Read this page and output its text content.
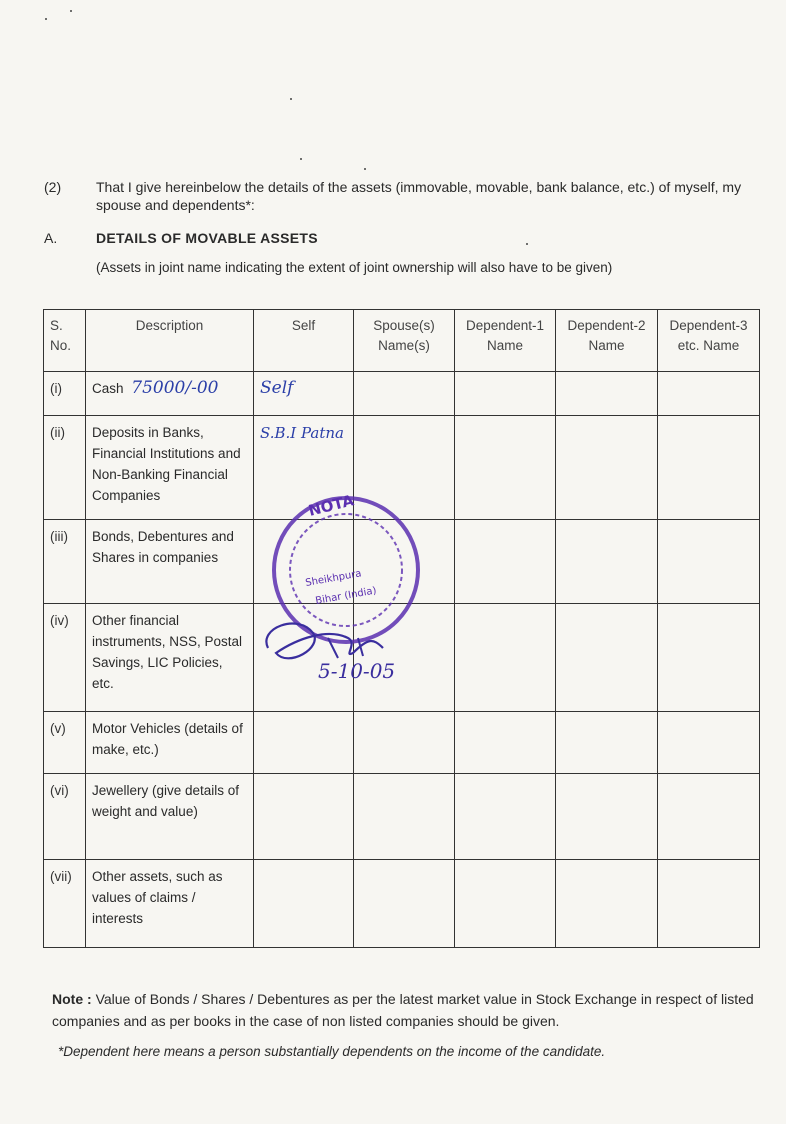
(2) That I give hereinbelow the details of the assets (immovable, movable, bank balance, etc.) of myself, my spouse and dependents*:
A.	DETAILS OF MOVABLE ASSETS
(Assets in joint name indicating the extent of joint ownership will also have to be given)
S. No.	Description	Self	Spouse(s) Name(s)	Dependent-1 Name	Dependent-2 Name	Dependent-3 etc. Name
(i)	Cash 75000/-00	Self				
(ii)	Deposits in Banks, Financial Institutions and Non-Banking Financial Companies	S.B.I Patna				
(iii)	Bonds, Debentures and Shares in companies					
(iv)	Other financial instruments, NSS, Postal Savings, LIC Policies, etc.					
(v)	Motor Vehicles (details of make, etc.)					
(vi)	Jewellery (give details of weight and value)					
(vii)	Other assets, such as values of claims / interests					
NOTA
Sheikhpura
Bihar (India)
5-10-05
Note : Value of Bonds / Shares / Debentures as per the latest market value in Stock Exchange in respect of listed companies and as per books in the case of non listed companies should be given.
*Dependent here means a person substantially dependents on the income of the candidate.
